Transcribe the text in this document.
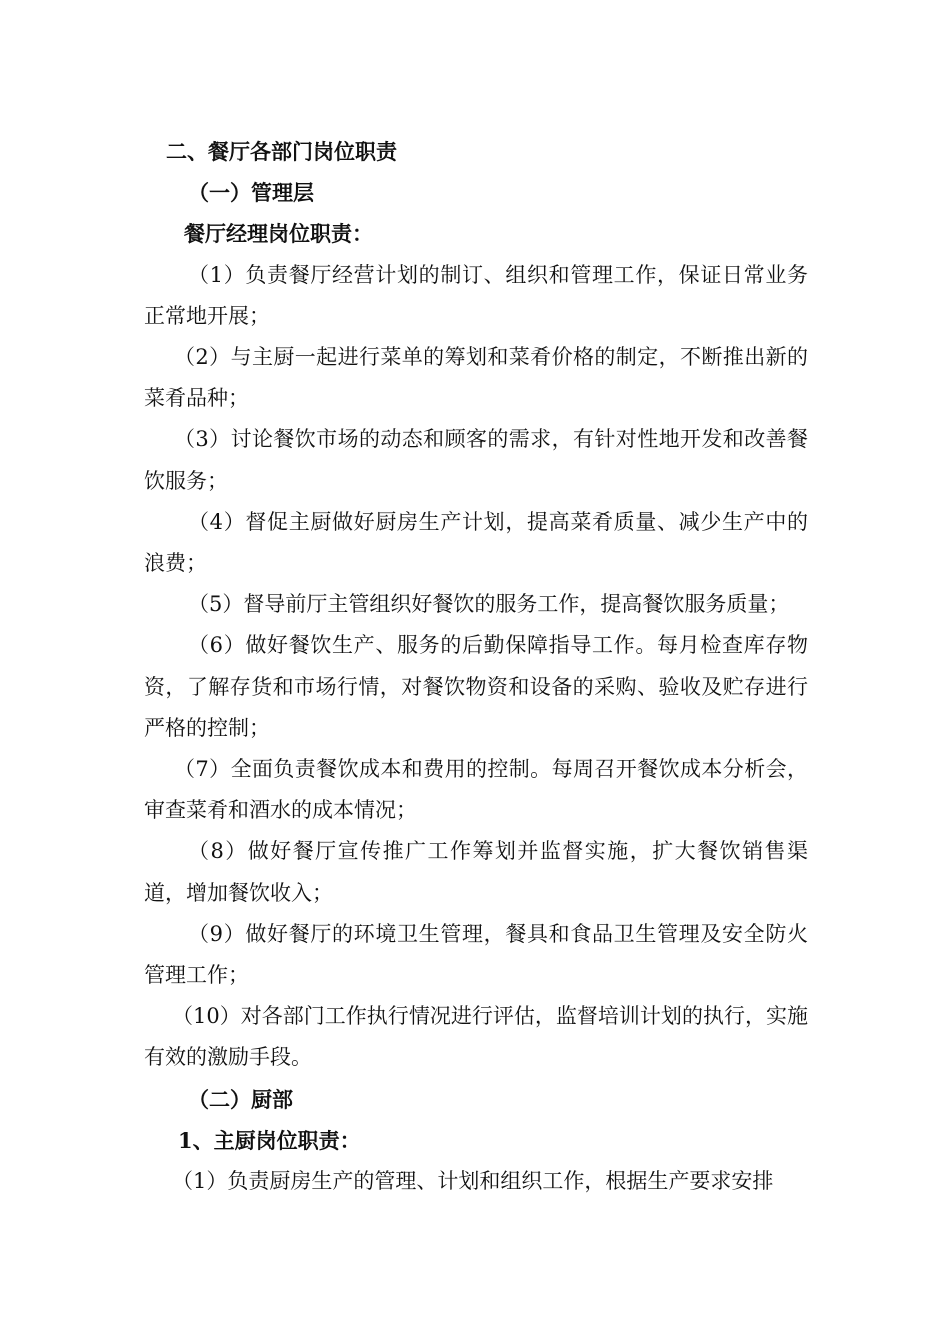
二、餐厅各部门岗位职责

（一）管理层

餐厅经理岗位职责：

（1）负责餐厅经营计划的制订、组织和管理工作，保证日常业务正常地开展；

（2）与主厨一起进行菜单的筹划和菜肴价格的制定，不断推出新的菜肴品种；

（3）讨论餐饮市场的动态和顾客的需求，有针对性地开发和改善餐饮服务；

（4）督促主厨做好厨房生产计划，提高菜肴质量、减少生产中的浪费；

（5）督导前厅主管组织好餐饮的服务工作，提高餐饮服务质量；

（6）做好餐饮生产、服务的后勤保障指导工作。每月检查库存物资，了解存货和市场行情，对餐饮物资和设备的采购、验收及贮存进行严格的控制；

（7）全面负责餐饮成本和费用的控制。每周召开餐饮成本分析会，审查菜肴和酒水的成本情况；

（8）做好餐厅宣传推广工作筹划并监督实施，扩大餐饮销售渠道，增加餐饮收入；

（9）做好餐厅的环境卫生管理，餐具和食品卫生管理及安全防火管理工作；

（10）对各部门工作执行情况进行评估，监督培训计划的执行，实施有效的激励手段。

（二）厨部

1、主厨岗位职责：

（1）负责厨房生产的管理、计划和组织工作，根据生产要求安排
